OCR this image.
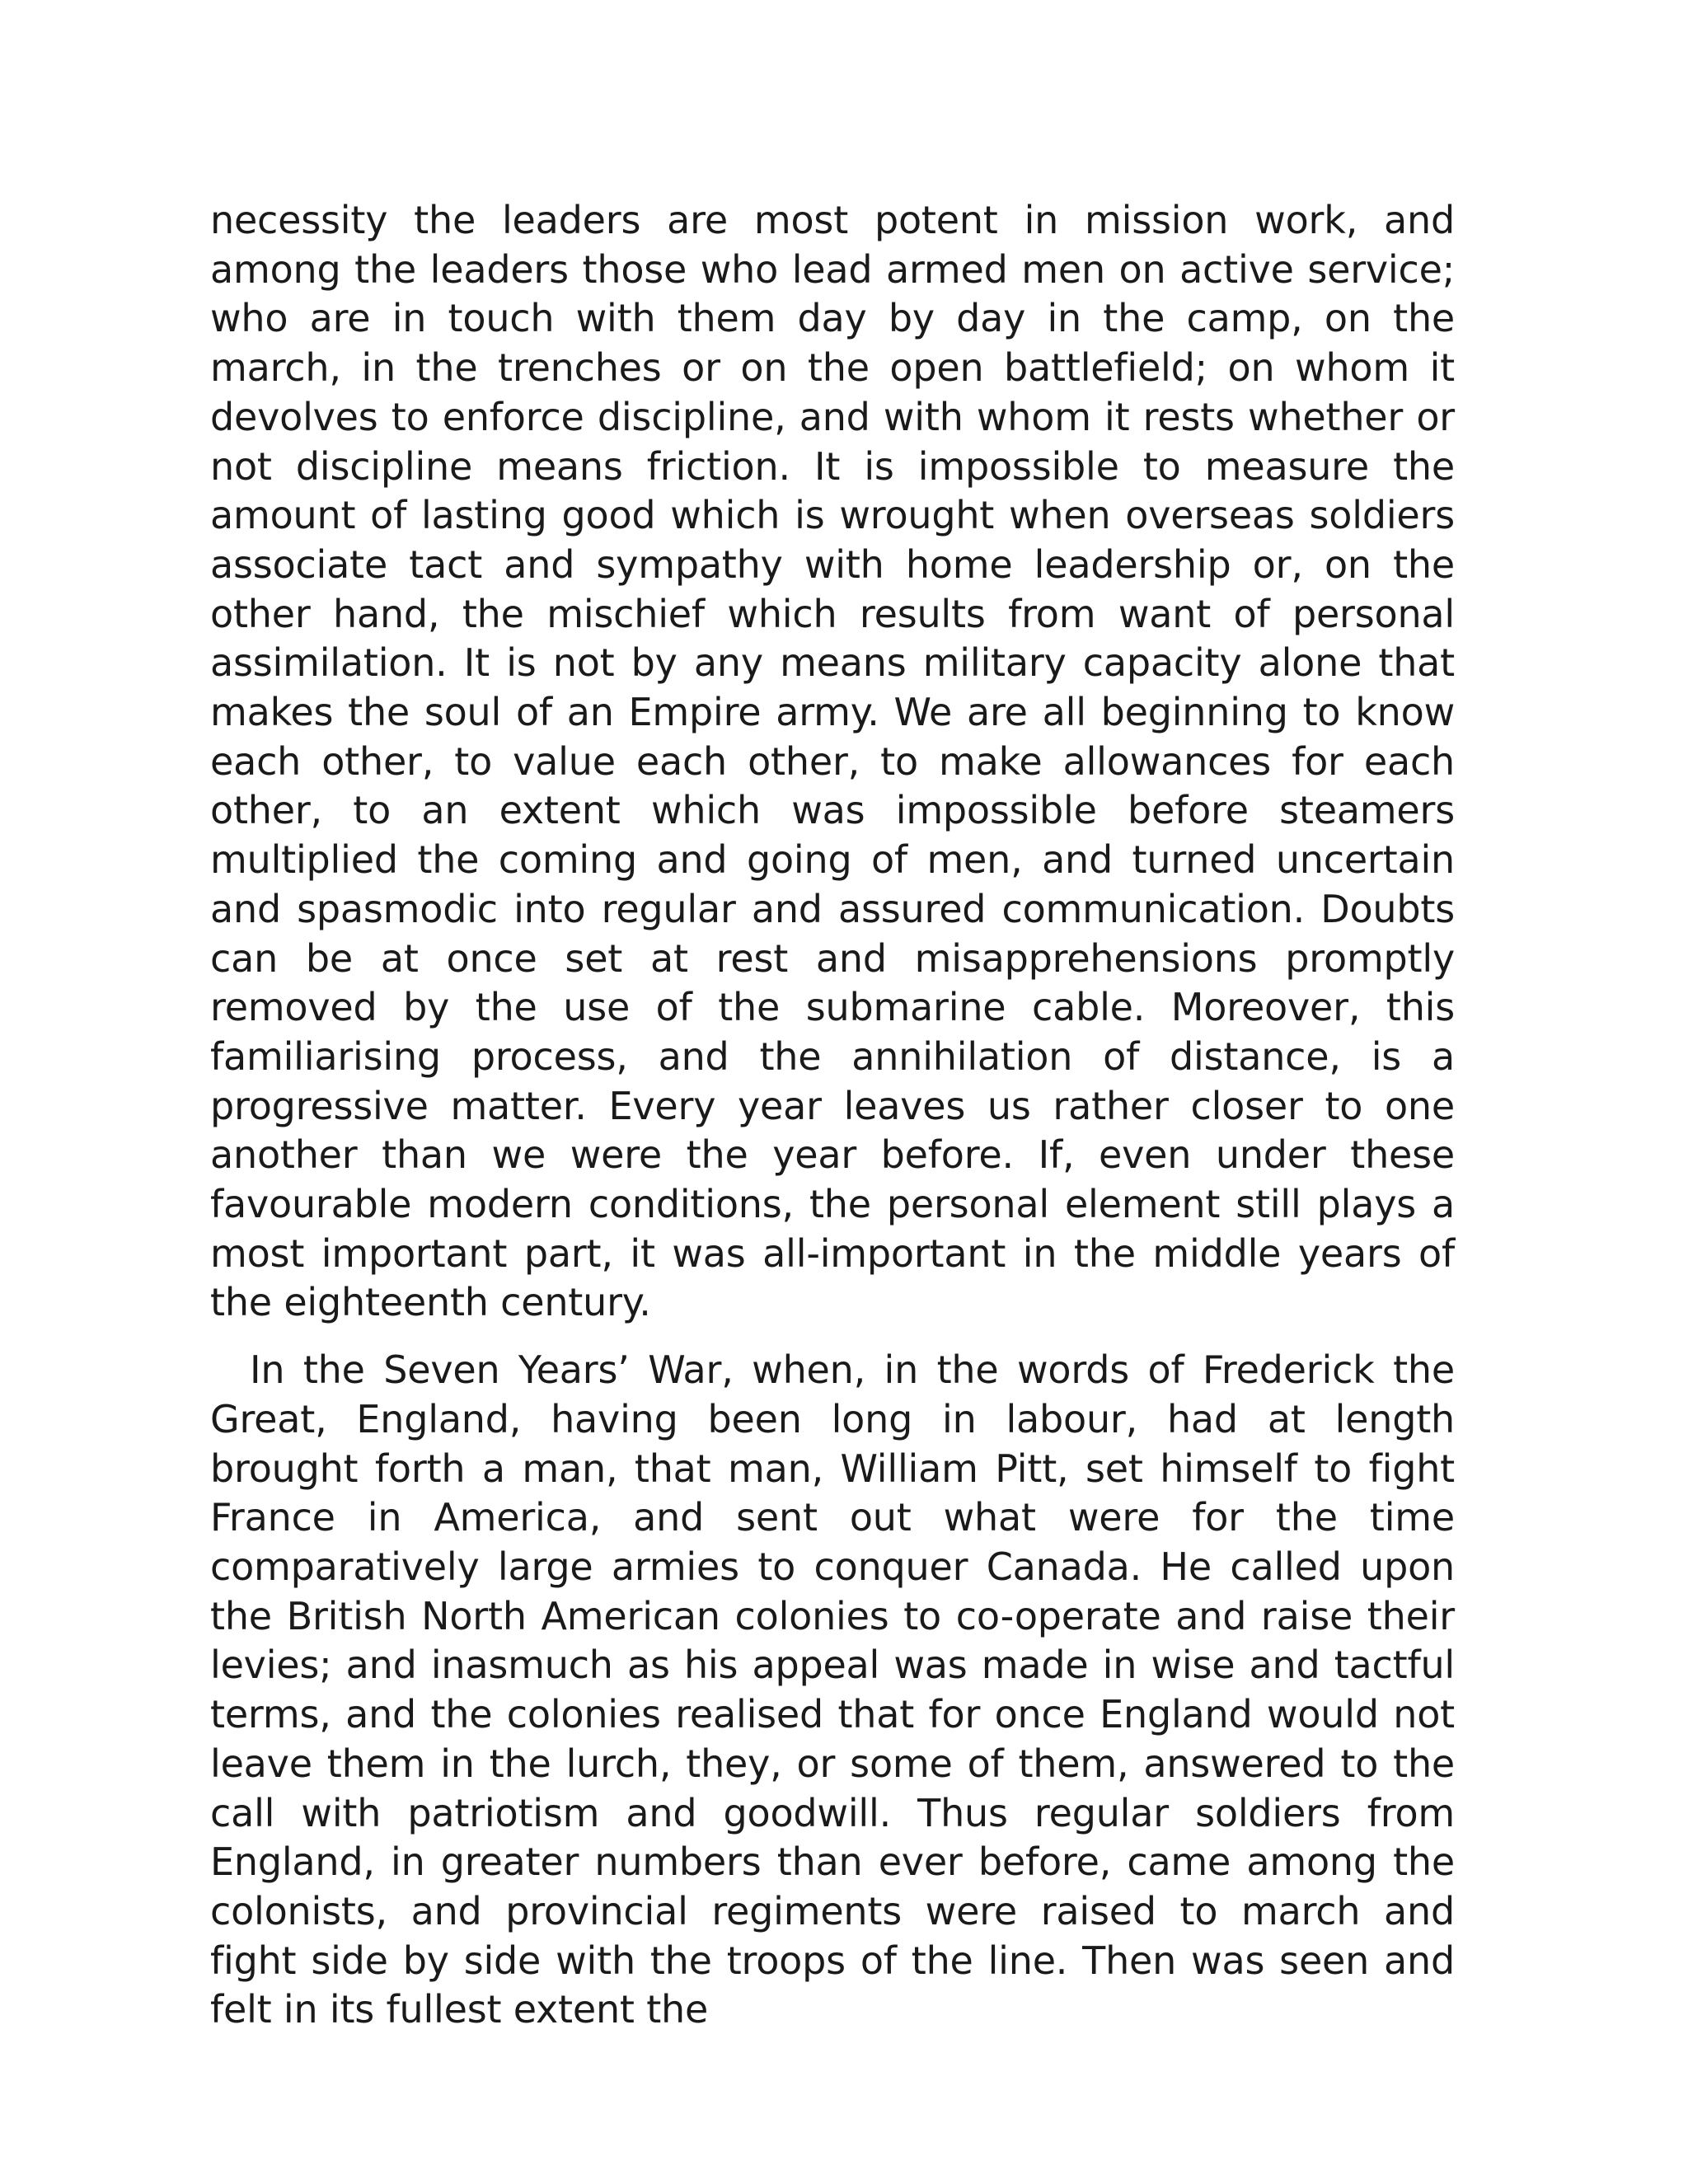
necessity the leaders are most potent in mission work, and among the leaders those who lead armed men on active service; who are in touch with them day by day in the camp, on the march, in the trenches or on the open battlefield; on whom it devolves to enforce discipline, and with whom it rests whether or not discipline means friction. It is impossible to measure the amount of lasting good which is wrought when overseas soldiers associate tact and sympathy with home leadership or, on the other hand, the mischief which results from want of personal assimilation. It is not by any means military capacity alone that makes the soul of an Empire army. We are all beginning to know each other, to value each other, to make allowances for each other, to an extent which was impossible before steamers multiplied the coming and going of men, and turned uncertain and spasmodic into regular and assured communication. Doubts can be at once set at rest and misapprehensions promptly removed by the use of the submarine cable. Moreover, this familiarising process, and the annihilation of distance, is a progressive matter. Every year leaves us rather closer to one another than we were the year before. If, even under these favourable modern conditions, the personal element still plays a most important part, it was all-important in the middle years of the eighteenth century.

In the Seven Years’ War, when, in the words of Frederick the Great, England, having been long in labour, had at length brought forth a man, that man, William Pitt, set himself to fight France in America, and sent out what were for the time comparatively large armies to conquer Canada. He called upon the British North American colonies to co-operate and raise their levies; and inasmuch as his appeal was made in wise and tactful terms, and the colonies realised that for once England would not leave them in the lurch, they, or some of them, answered to the call with patriotism and goodwill. Thus regular soldiers from England, in greater numbers than ever before, came among the colonists, and provincial regiments were raised to march and fight side by side with the troops of the line. Then was seen and felt in its fullest extent the
